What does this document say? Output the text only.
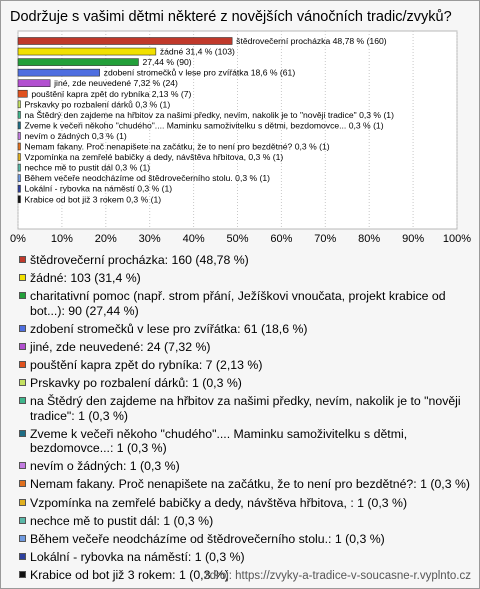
Dodržuje s vašimi dětmi některé z novějších vánočních tradic/zvyků?
0% 10% 20% 30% 40% 50% 60% 70% 80% 90% 100%
štědrovečerní procházka 48,78 % (160)
žádné 31,4 % (103)
27,44 % (90)
zdobení stromečků v lese pro zvířátka 18,6 % (61)
jiné, zde neuvedené 7,32 % (24)
pouštění kapra zpět do rybníka 2,13 % (7)
Prskavky po rozbalení dárků 0,3 % (1)
na Štědrý den zajdeme na hřbitov za našimi předky, nevím, nakolik je to "nověji tradice" 0,3 % (1)
Zveme k večeři někoho "chudého".... Maminku samoživitelku s dětmi, bezdomovce... 0,3 % (1)
nevím o žádných 0,3 % (1)
Nemam fakany. Proč nenapišete na začátku, že to není pro bezdětné? 0,3 % (1)
Vzpomínka na zemřelé babičky a dedy, návštěva hřbitova, 0,3 % (1)
nechce mě to pustit dál 0,3 % (1)
Během večeře neodcházíme od štědrovečerního stolu. 0,3 % (1)
Lokální - rybovka na náměstí 0,3 % (1)
Krabice od bot již 3 rokem 0,3 % (1)
štědrovečerní procházka: 160 (48,78 %)
žádné: 103 (31,4 %)
charitativní pomoc (např. strom přání, Ježíškovi vnoučata, projekt krabice od bot...): 90 (27,44 %)
zdobení stromečků v lese pro zvířátka: 61 (18,6 %)
jiné, zde neuvedené: 24 (7,32 %)
pouštění kapra zpět do rybníka: 7 (2,13 %)
Prskavky po rozbalení dárků: 1 (0,3 %)
na Štědrý den zajdeme na hřbitov za našimi předky, nevím, nakolik je to "nověji tradice": 1 (0,3 %)
Zveme k večeři někoho "chudého".... Maminku samoživitelku s dětmi, bezdomovce...: 1 (0,3 %)
nevím o žádných: 1 (0,3 %)
Nemam fakany. Proč nenapišete na začátku, že to není pro bezdětné?: 1 (0,3 %)
Vzpomínka na zemřelé babičky a dedy, návštěva hřbitova, : 1 (0,3 %)
nechce mě to pustit dál: 1 (0,3 %)
Během večeře neodcházíme od štědrovečerního stolu.: 1 (0,3 %)
Lokální - rybovka na náměstí: 1 (0,3 %)
Krabice od bot již 3 rokem: 1 (0,3 %)
zdroj: https://zvyky-a-tradice-v-soucasne-r.vyplnto.cz
